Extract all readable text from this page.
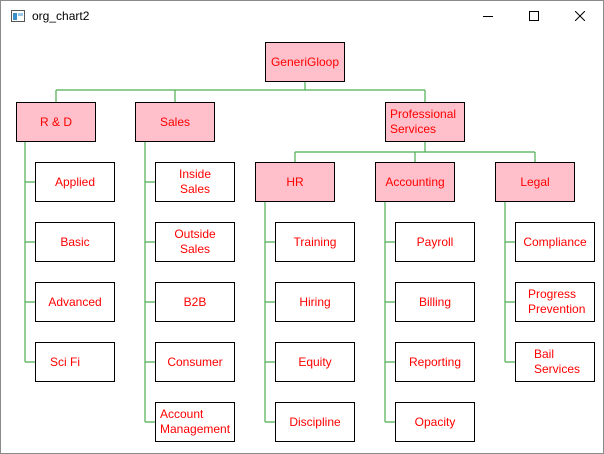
org_chart2
GeneriGloop
R & D	Sales
Professional Services
Applied
Basic
Advanced
Sci Fi
Inside Sales
Outside Sales
B2B
Consumer
Account Management
HR	Accounting	Legal
Training
Hiring
Equity
Discipline
Payroll
Billing
Reporting
Opacity
Compliance
Progress Prevention
Bail Services
